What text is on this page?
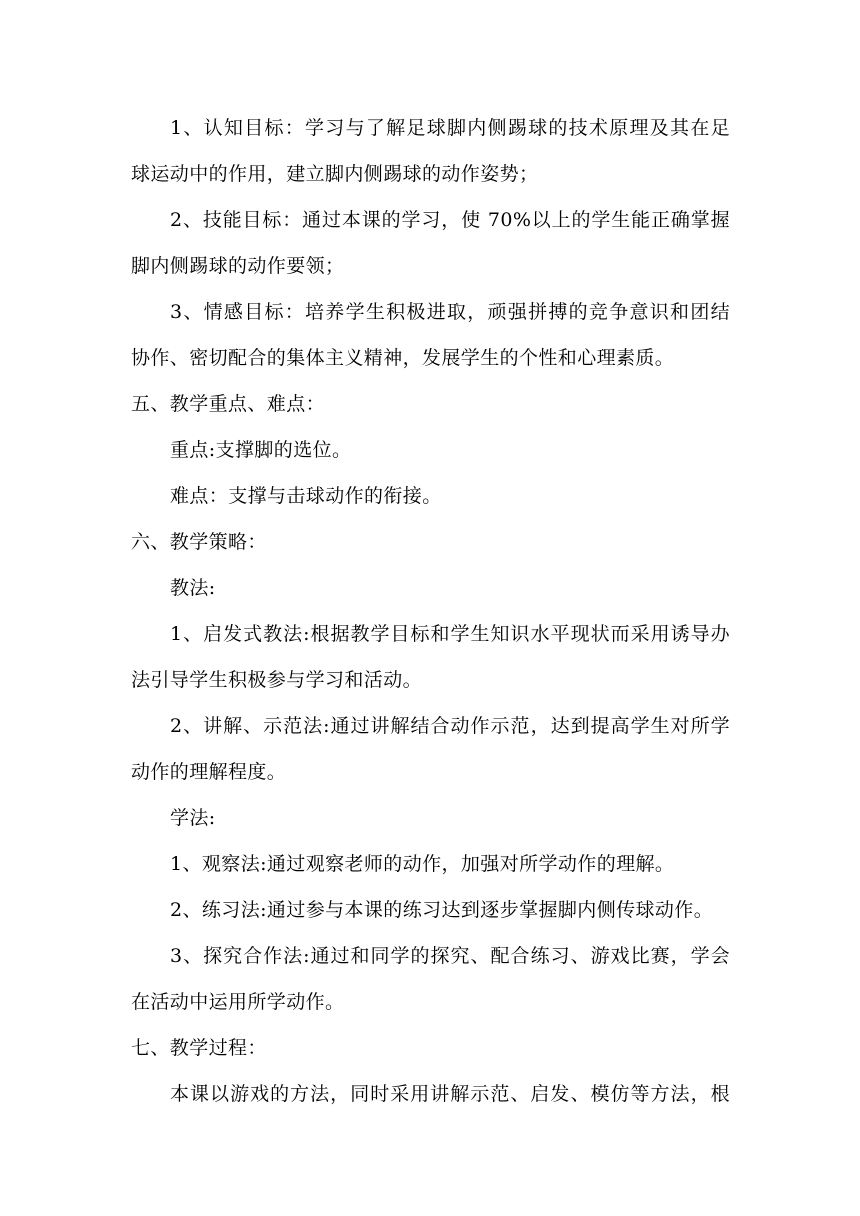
1、认知目标：学习与了解足球脚内侧踢球的技术原理及其在足
球运动中的作用，建立脚内侧踢球的动作姿势；
2、技能目标：通过本课的学习，使 70%以上的学生能正确掌握
脚内侧踢球的动作要领；
3、情感目标：培养学生积极进取，顽强拼搏的竞争意识和团结
协作、密切配合的集体主义精神，发展学生的个性和心理素质。
五、教学重点、难点：
重点:支撑脚的选位。
难点：支撑与击球动作的衔接。
六、教学策略：
教法:
1、启发式教法:根据教学目标和学生知识水平现状而采用诱导办
法引导学生积极参与学习和活动。
2、讲解、示范法:通过讲解结合动作示范，达到提高学生对所学
动作的理解程度。
学法:
1、观察法:通过观察老师的动作，加强对所学动作的理解。
2、练习法:通过参与本课的练习达到逐步掌握脚内侧传球动作。
3、探究合作法:通过和同学的探究、配合练习、游戏比赛，学会
在活动中运用所学动作。
七、教学过程：
本课以游戏的方法，同时采用讲解示范、启发、模仿等方法，根
